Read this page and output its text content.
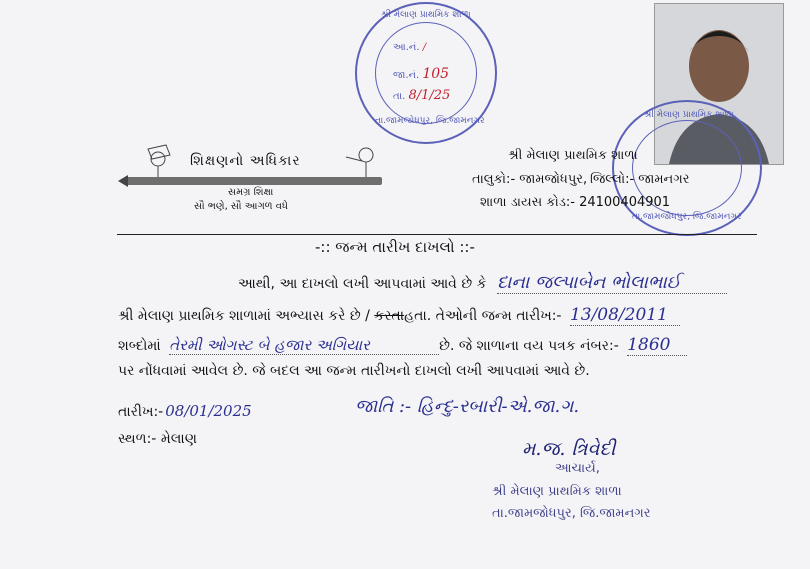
શિક્ષણનો અધિકાર
સમગ્ર શિક્ષા
સૌ ભણે, સૌ આગળ વધે
શ્રી મેલાણ પ્રાથમિક શાળા
આ.નં. /
જા.નં. 105
તા. 8/1/25
તા.જામજોધપુર, જિ.જામનગર
શ્રી મેલાણ પ્રાથમિક શાળા
તા.જામજોધપુર, જિ.જામનગર
શ્રી મેલાણ પ્રાથમિક શાળા
તાલુકો:- જામજોધપુર, જિલ્લો:- જામનગર
શાળા ડાયસ કોડ:- 24100404901
-:: જન્મ તારીખ દાખલો ::-
આથી, આ દાખલો લખી આપવામાં આવે છે કે દાના જલ્પાબેન ભોલાભાઈ
શ્રી મેલાણ પ્રાથમિક શાળામાં અભ્યાસ કરે છે / કરતાહતા. તેઓની જન્મ તારીખ:- 13/08/2011
શબ્દોમાં તેરમી ઓગસ્ટ બે હજાર અગિયાર	છે. જે શાળાના વય પત્રક નંબર:- 1860
પર નોંધવામાં આવેલ છે. જે બદલ આ જન્મ તારીખનો દાખલો લખી આપવામાં આવે છે.
તારીખ:- 08/01/2025	જાતિ :- હિન્દુ-રબારી-એ.જા.ગ.
સ્થળ:- મેલાણ	મ.જ. ત્રિવેદી
આચાર્ય,
શ્રી મેલાણ પ્રાથમિક શાળા
તા.જામજોધપુર, જિ.જામનગર
